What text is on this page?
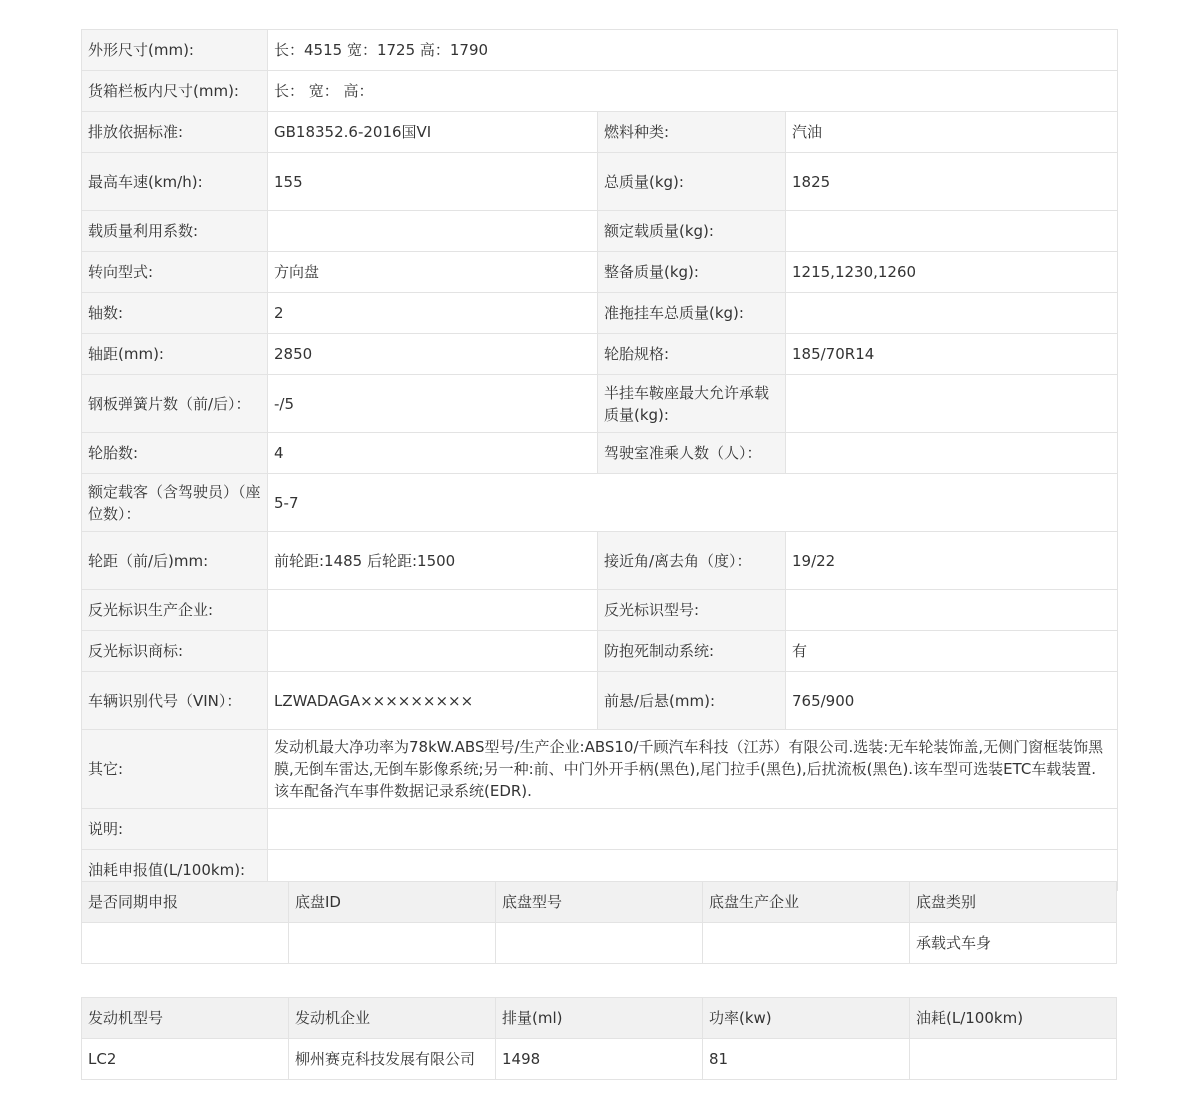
外形尺寸(mm):	长：4515 宽：1725 高：1790		
货箱栏板内尺寸(mm):	长： 宽： 高：		
排放依据标准:	GB18352.6-2016国VI	燃料种类:	汽油
最高车速(km/h):	155	总质量(kg):	1825
载质量利用系数:		额定载质量(kg):	
转向型式:	方向盘	整备质量(kg):	1215,1230,1260
轴数:	2	准拖挂车总质量(kg):	
轴距(mm):	2850	轮胎规格:	185/70R14
钢板弹簧片数（前/后）：	-/5	半挂车鞍座最大允许承载质量(kg):	
轮胎数:	4	驾驶室准乘人数（人）：	
额定载客（含驾驶员）（座位数）：	5-7		
轮距（前/后)mm:	前轮距:1485 后轮距:1500	接近角/离去角（度）：	19/22
反光标识生产企业:		反光标识型号:	
反光标识商标:		防抱死制动系统:	有
车辆识别代号（VIN）：	LZWADAGA×××××××××	前悬/后悬(mm):	765/900
其它:	发动机最大净功率为78kW.ABS型号/生产企业:ABS10/千顾汽车科技（江苏）有限公司.选装:无车轮装饰盖,无侧门窗框装饰黑膜,无倒车雷达,无倒车影像系统;另一种:前、中门外开手柄(黑色),尾门拉手(黑色),后扰流板(黑色).该车型可选装ETC车载装置.该车配备汽车事件数据记录系统(EDR).		
说明:			
油耗申报值(L/100km):			
是否同期申报	底盘ID	底盘型号	底盘生产企业	底盘类别
				承载式车身
发动机型号	发动机企业	排量(ml)	功率(kw)	油耗(L/100km)
LC2	柳州赛克科技发展有限公司	1498	81	
